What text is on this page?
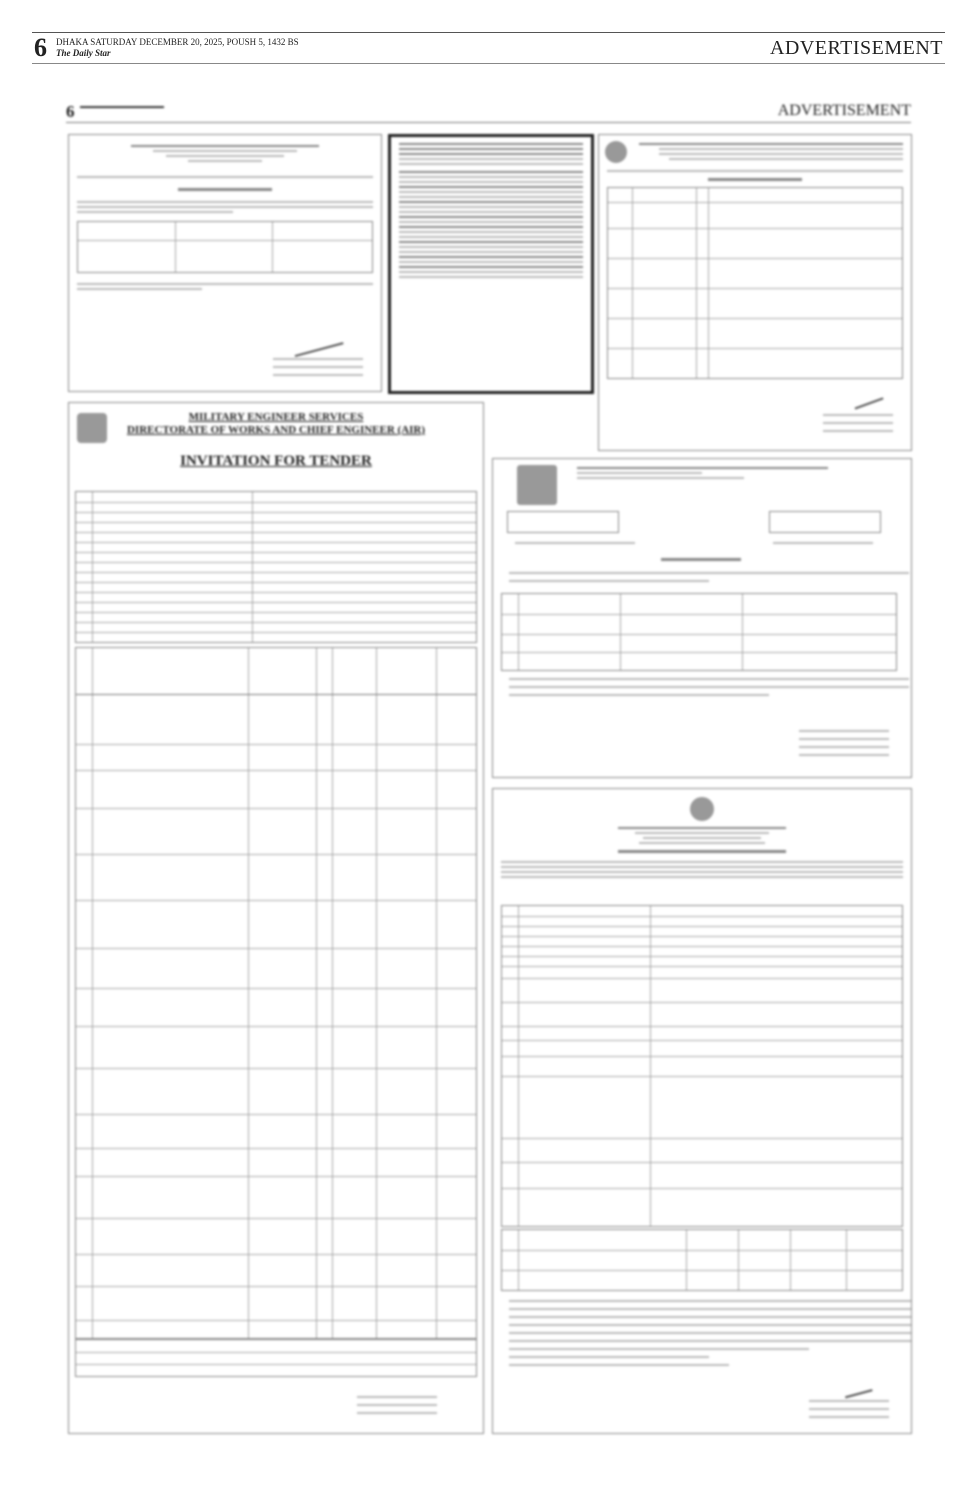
6 DHAKA SATURDAY DECEMBER 20, 2025, POUSH 5, 1432 BS
The Daily Star	ADVERTISEMENT
6 ▬▬▬▬▬▬▬▬▬▬▬▬▬▬	ADVERTISEMENT
MILITARY ENGINEER SERVICES
DIRECTORATE OF WORKS AND CHIEF ENGINEER (AIR)
INVITATION FOR TENDER
